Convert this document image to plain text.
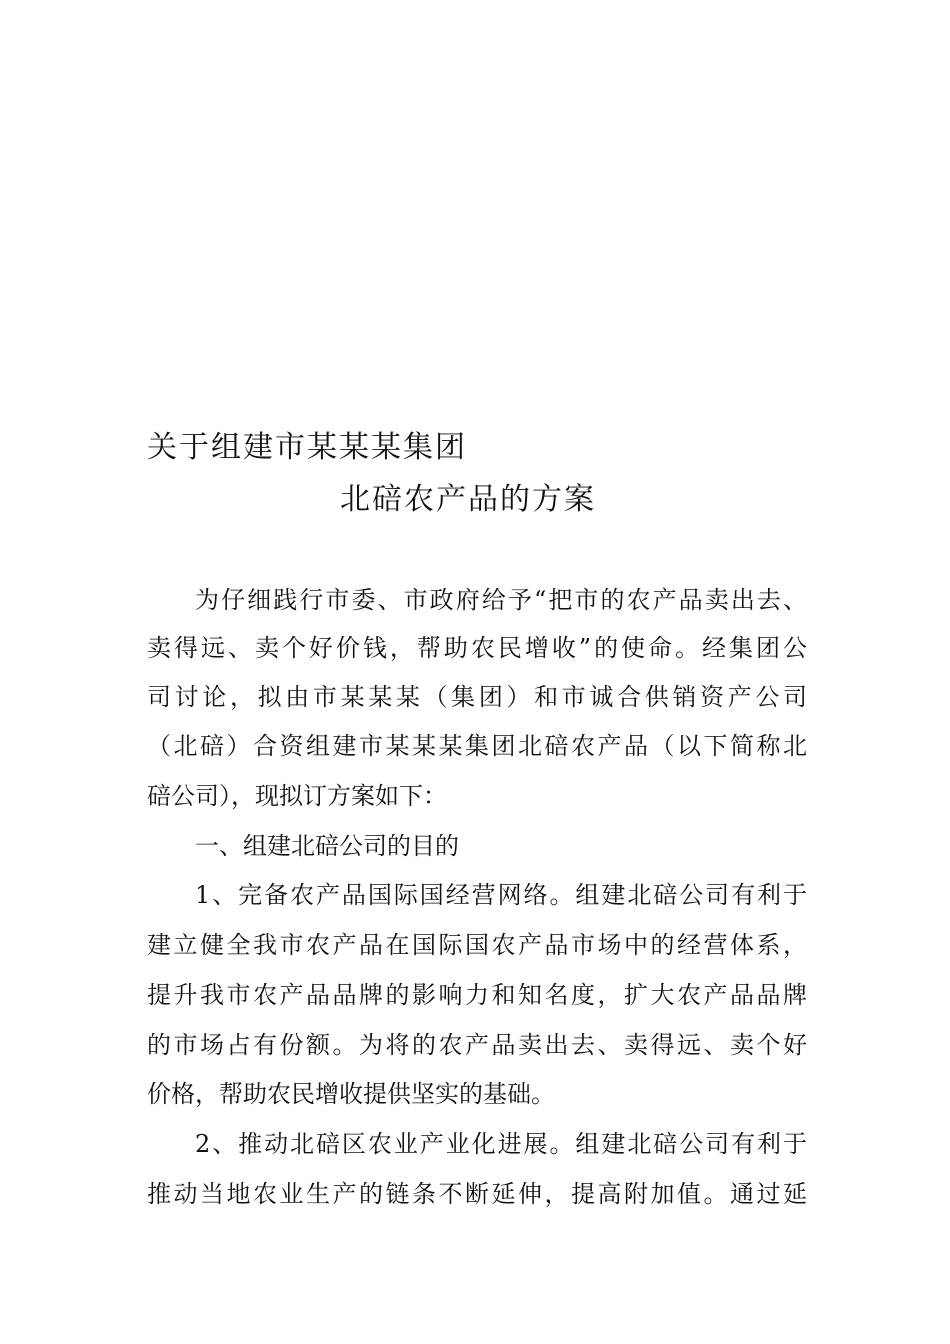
关于组建市某某某集团
北碚农产品的方案
为仔细践行市委、市政府给予“把市的农产品卖出去、
卖得远、卖个好价钱，帮助农民增收”的使命。经集团公
司讨论，拟由市某某某（集团）和市诚合供销资产公司
（北碚）合资组建市某某某集团北碚农产品（以下简称北
碚公司），现拟订方案如下：
一、组建北碚公司的目的
1、完备农产品国际国经营网络。组建北碚公司有利于
建立健全我市农产品在国际国农产品市场中的经营体系，
提升我市农产品品牌的影响力和知名度，扩大农产品品牌
的市场占有份额。为将的农产品卖出去、卖得远、卖个好
价格，帮助农民增收提供坚实的基础。
2、推动北碚区农业产业化进展。组建北碚公司有利于
推动当地农业生产的链条不断延伸，提高附加值。通过延
